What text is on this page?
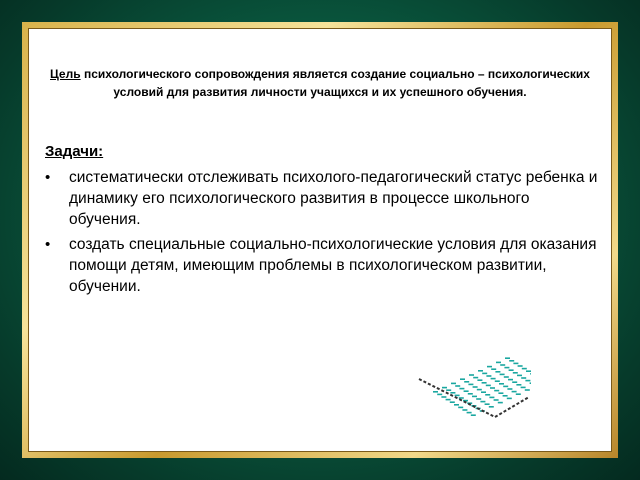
Цель психологического сопровождения является создание социально – психологических условий для развития личности учащихся и их успешного обучения.
Задачи:
• систематически отслеживать психолого-педагогический статус ребенка и динамику его психологического развития в процессе школьного обучения.
• создать специальные социально-психологические условия для оказания помощи детям, имеющим проблемы в психологическом развитии, обучении.
